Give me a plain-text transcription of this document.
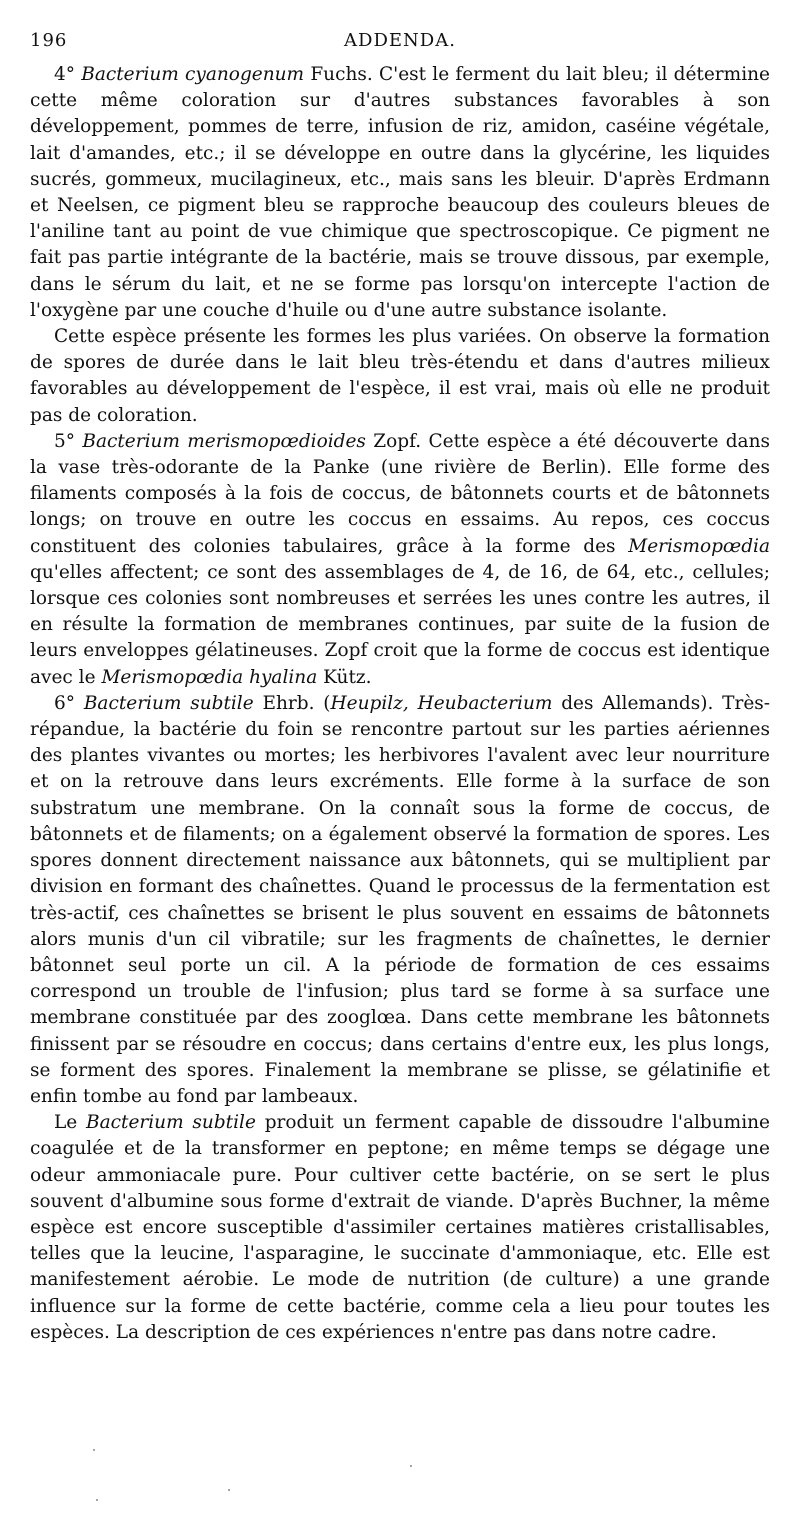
196	ADDENDA.

4° Bacterium cyanogenum Fuchs. C'est le ferment du lait bleu; il détermine cette même coloration sur d'autres substances favorables à son développement, pommes de terre, infusion de riz, amidon, caséine végétale, lait d'amandes, etc.; il se développe en outre dans la glycérine, les liquides sucrés, gommeux, mucilagineux, etc., mais sans les bleuir. D'après Erdmann et Neelsen, ce pigment bleu se rapproche beaucoup des couleurs bleues de l'aniline tant au point de vue chimique que spectroscopique. Ce pigment ne fait pas partie intégrante de la bactérie, mais se trouve dissous, par exemple, dans le sérum du lait, et ne se forme pas lorsqu'on intercepte l'action de l'oxygène par une couche d'huile ou d'une autre substance isolante.

Cette espèce présente les formes les plus variées. On observe la formation de spores de durée dans le lait bleu très-étendu et dans d'autres milieux favorables au développement de l'espèce, il est vrai, mais où elle ne produit pas de coloration.

5° Bacterium merismopœdioides Zopf. Cette espèce a été découverte dans la vase très-odorante de la Panke (une rivière de Berlin). Elle forme des filaments composés à la fois de coccus, de bâtonnets courts et de bâtonnets longs; on trouve en outre les coccus en essaims. Au repos, ces coccus constituent des colonies tabulaires, grâce à la forme des Merismopœdia qu'elles affectent; ce sont des assemblages de 4, de 16, de 64, etc., cellules; lorsque ces colonies sont nombreuses et serrées les unes contre les autres, il en résulte la formation de membranes continues, par suite de la fusion de leurs enveloppes gélatineuses. Zopf croit que la forme de coccus est identique avec le Merismopœdia hyalina Kütz.

6° Bacterium subtile Ehrb. (Heupilz, Heubacterium des Allemands). Très-répandue, la bactérie du foin se rencontre partout sur les parties aériennes des plantes vivantes ou mortes; les herbivores l'avalent avec leur nourriture et on la retrouve dans leurs excréments. Elle forme à la surface de son substratum une membrane. On la connaît sous la forme de coccus, de bâtonnets et de filaments; on a également observé la formation de spores. Les spores donnent directement naissance aux bâtonnets, qui se multiplient par division en formant des chaînettes. Quand le processus de la fermentation est très-actif, ces chaînettes se brisent le plus souvent en essaims de bâtonnets alors munis d'un cil vibratile; sur les fragments de chaînettes, le dernier bâtonnet seul porte un cil. A la période de formation de ces essaims correspond un trouble de l'infusion; plus tard se forme à sa surface une membrane constituée par des zooglœa. Dans cette membrane les bâtonnets finissent par se résoudre en coccus; dans certains d'entre eux, les plus longs, se forment des spores. Finalement la membrane se plisse, se gélatinifie et enfin tombe au fond par lambeaux.

Le Bacterium subtile produit un ferment capable de dissoudre l'albumine coagulée et de la transformer en peptone; en même temps se dégage une odeur ammoniacale pure. Pour cultiver cette bactérie, on se sert le plus souvent d'albumine sous forme d'extrait de viande. D'après Buchner, la même espèce est encore susceptible d'assimiler certaines matières cristallisables, telles que la leucine, l'asparagine, le succinate d'ammoniaque, etc. Elle est manifestement aérobie. Le mode de nutrition (de culture) a une grande influence sur la forme de cette bactérie, comme cela a lieu pour toutes les espèces. La description de ces expériences n'entre pas dans notre cadre.
